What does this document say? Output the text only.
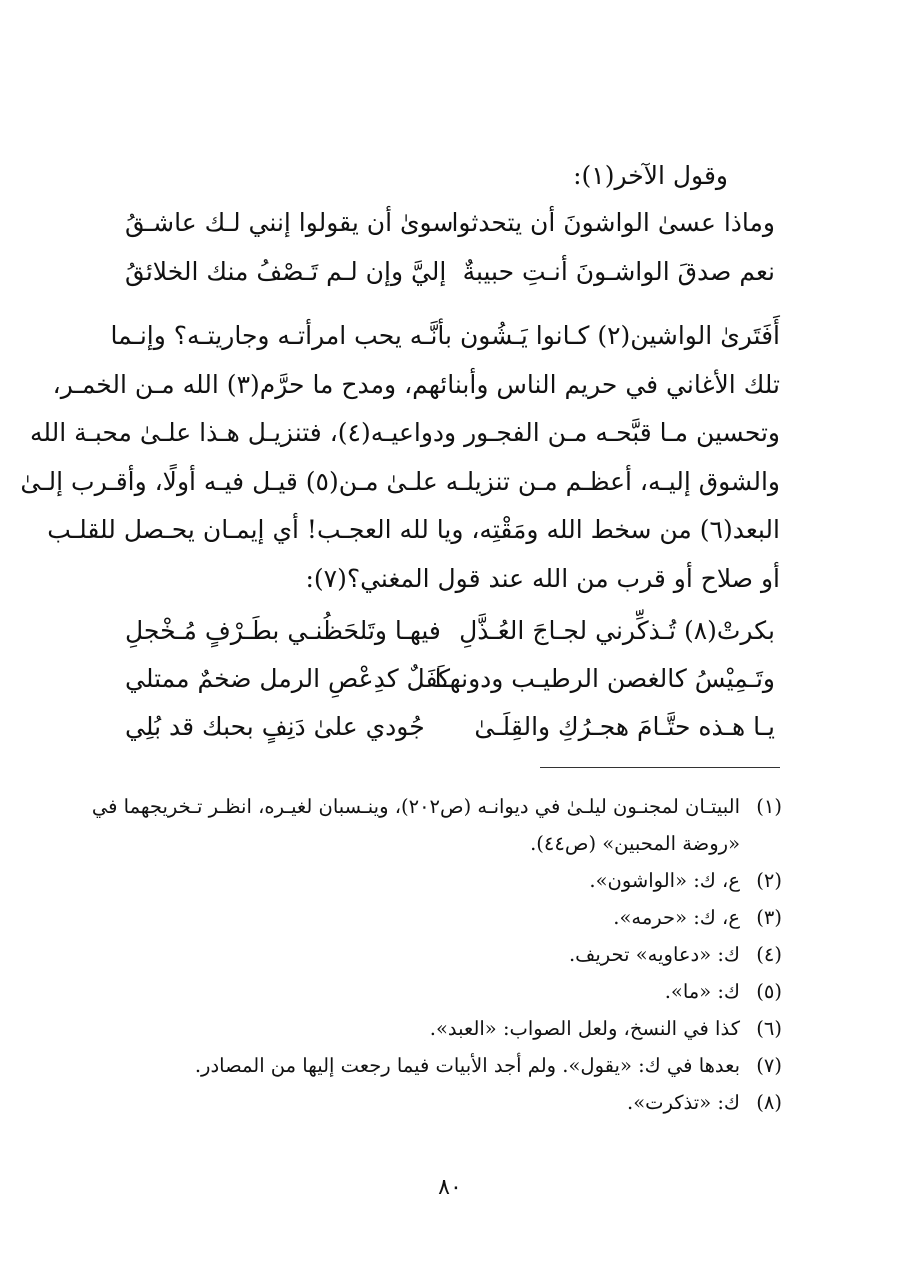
وقول الآخر(١):
وماذا عسىٰ الواشونَ أن يتحدثوا
سوىٰ أن يقولوا إنني لـك عاشـقُ
نعم صدقَ الواشـونَ أنـتِ حبيبةٌ
إليَّ وإن لـم تَـصْفُ منك الخلائقُ
أَفَتَرىٰ الواشين(٢) كـانوا يَـشُون بأنَّـه يحب امرأتـه وجاريتـه؟ وإنـما
تلك الأغاني في حريم الناس وأبنائهم، ومدح ما حرَّم(٣) الله مـن الخمـر،
وتحسين مـا قبَّحـه مـن الفجـور ودواعيـه(٤)، فتنزيـل هـذا علـىٰ محبـة الله
والشوق إليـه، أعظـم مـن تنزيلـه علـىٰ مـن(٥) قيـل فيـه أولًا، وأقـرب إلـىٰ
البعد(٦) من سخط الله ومَقْتِه، ويا لله العجـب! أي إيمـان يحـصل للقلـب
أو صلاح أو قرب من الله عند قول المغني؟(٧):
بكرتْ(٨) تُـذكِّرني لجـاجَ العُـذَّلِ
فيهـا وتَلحَظُنـي بطَـرْفٍ مُـخْجلِ
وتَـمِيْسُ كالغصن الرطيـب ودونهـا
كَفَلٌ كدِعْصِ الرمل ضخمٌ ممتلي
يـا هـذه حتَّـامَ هجـرُكِ والقِلَـىٰ
جُودي علىٰ دَنِفٍ بحبك قد بُلِي
(١)
البيتـان لمجنـون ليلـىٰ في ديوانـه (ص٢٠٢)، وينـسبان لغيـره، انظـر تـخريجهما في
«روضة المحبين» (ص٤٤).
(٢)
ع، ك: «الواشون».
(٣)
ع، ك: «حرمه».
(٤)
ك: «دعاويه» تحريف.
(٥)
ك: «ما».
(٦)
كذا في النسخ، ولعل الصواب: «العبد».
(٧)
بعدها في ك: «يقول». ولم أجد الأبيات فيما رجعت إليها من المصادر.
(٨)
ك: «تذكرت».
٨٠
